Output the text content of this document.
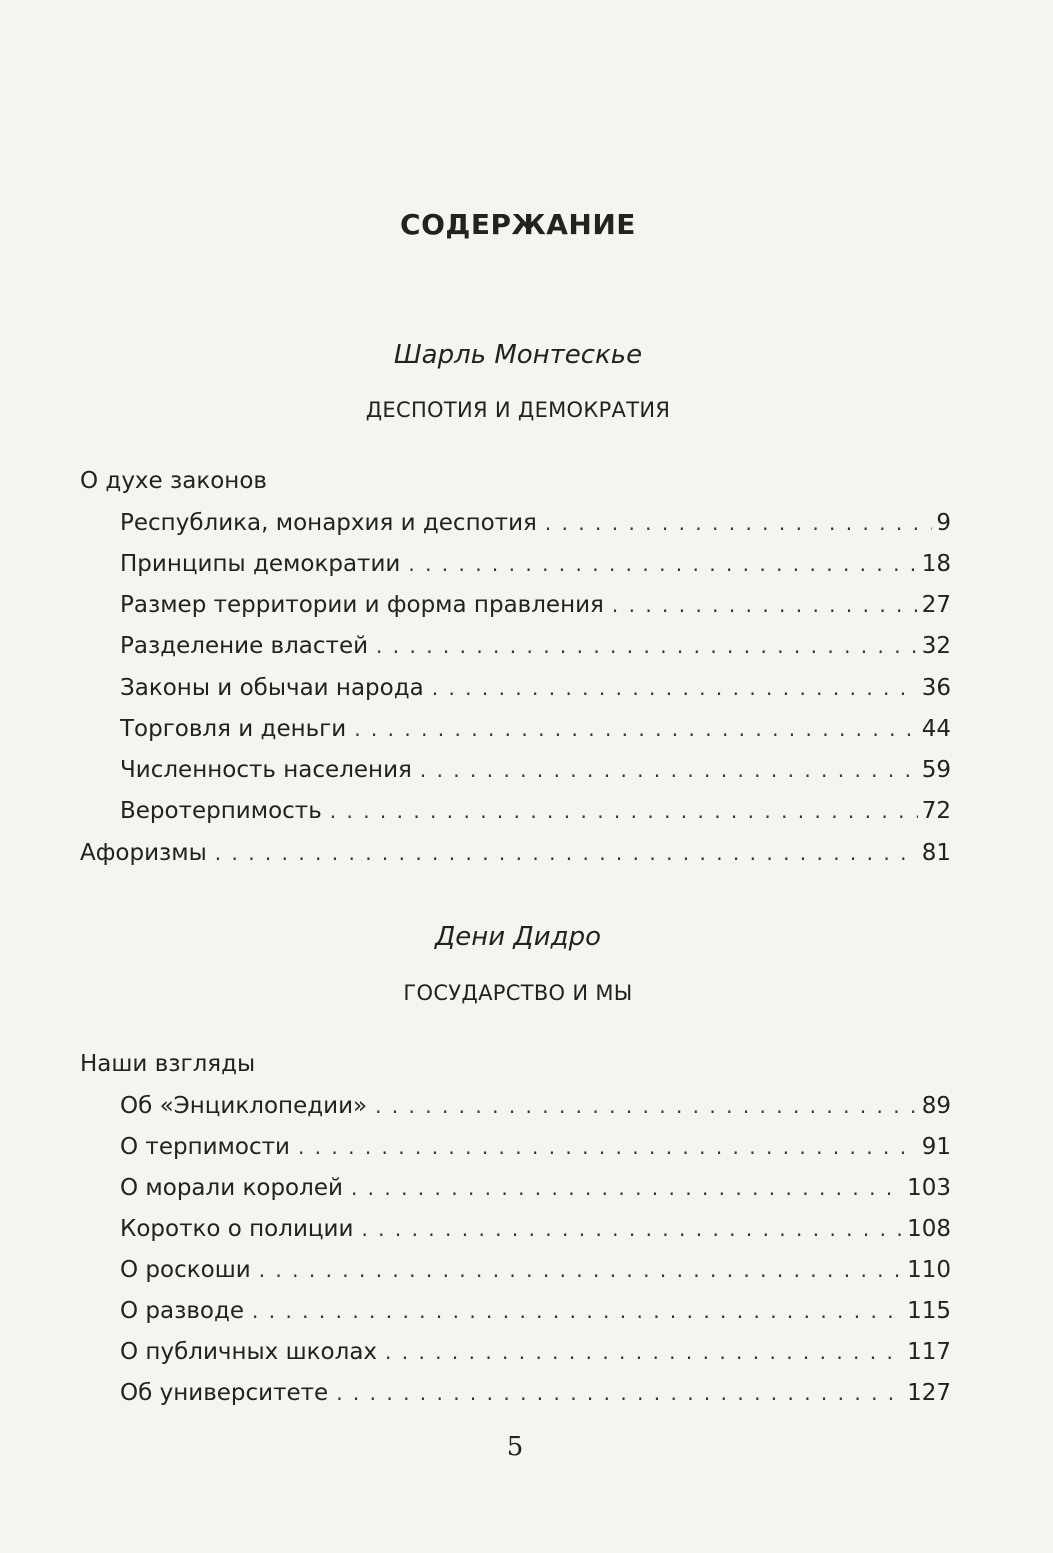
СОДЕРЖАНИЕ
Шарль Монтескье
ДЕСПОТИЯ И ДЕМОКРАТИЯ
О духе законов
Республика, монархия и деспотия . . .	9
Принципы демократии . . .	18
Размер территории и форма правления . . .	27
Разделение властей . . .	32
Законы и обычаи народа . . .	36
Торговля и деньги . . .	44
Численность населения . . .	59
Веротерпимость . . .	72
Афоризмы . . .	81
Дени Дидро
ГОСУДАРСТВО И МЫ
Наши взгляды
Об «Энциклопедии» . . .	89
О терпимости . . .	91
О морали королей . . .	103
Коротко о полиции . . .	108
О роскоши . . .	110
О разводе . . .	115
О публичных школах . . .	117
Об университете . . .	127
5
